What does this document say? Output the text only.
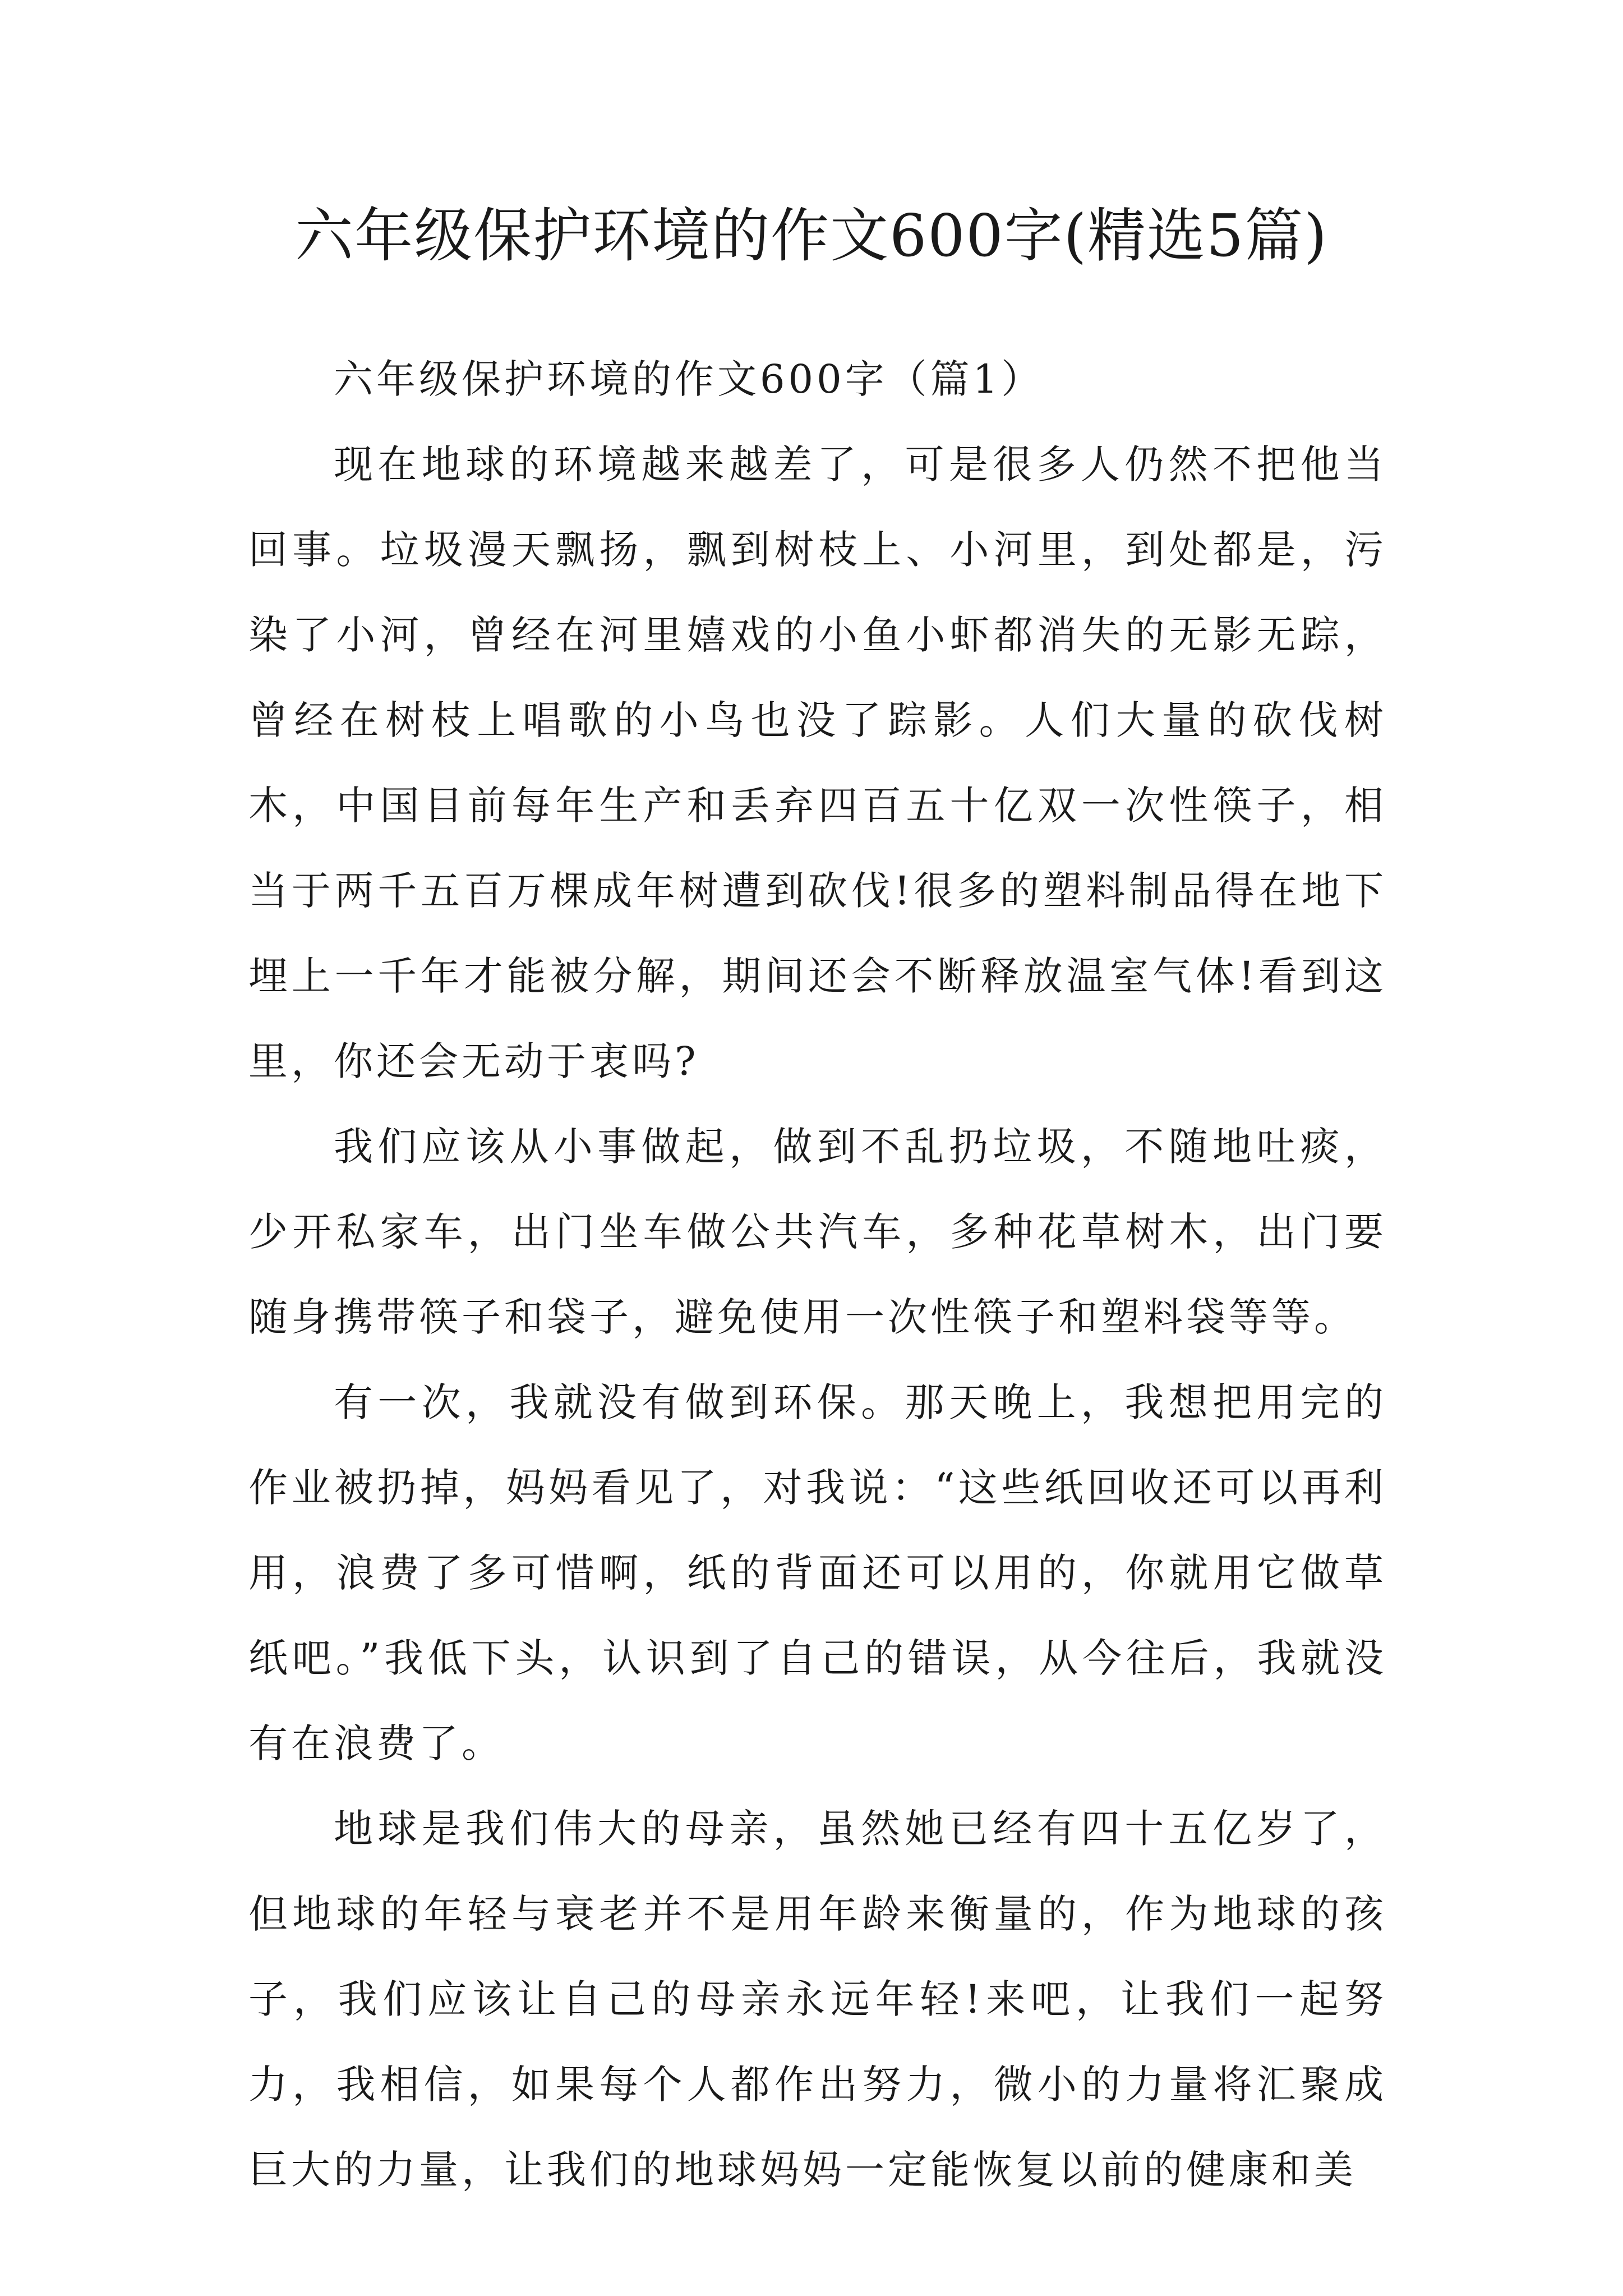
六年级保护环境的作文600字(精选5篇)
六年级保护环境的作文600字（篇1）

现在地球的环境越来越差了，可是很多人仍然不把他当回事。垃圾漫天飘扬，飘到树枝上、小河里，到处都是，污染了小河，曾经在河里嬉戏的小鱼小虾都消失的无影无踪，曾经在树枝上唱歌的小鸟也没了踪影。人们大量的砍伐树木，中国目前每年生产和丢弃四百五十亿双一次性筷子，相当于两千五百万棵成年树遭到砍伐!很多的塑料制品得在地下埋上一千年才能被分解，期间还会不断释放温室气体!看到这里，你还会无动于衷吗?

我们应该从小事做起，做到不乱扔垃圾，不随地吐痰，少开私家车，出门坐车做公共汽车，多种花草树木，出门要随身携带筷子和袋子，避免使用一次性筷子和塑料袋等等。

有一次，我就没有做到环保。那天晚上，我想把用完的作业被扔掉，妈妈看见了，对我说：“这些纸回收还可以再利用，浪费了多可惜啊，纸的背面还可以用的，你就用它做草纸吧。”我低下头，认识到了自己的错误，从今往后，我就没有在浪费了。

地球是我们伟大的母亲，虽然她已经有四十五亿岁了，但地球的年轻与衰老并不是用年龄来衡量的，作为地球的孩子，我们应该让自己的母亲永远年轻!来吧，让我们一起努力，我相信，如果每个人都作出努力，微小的力量将汇聚成巨大的力量，让我们的地球妈妈一定能恢复以前的健康和美
